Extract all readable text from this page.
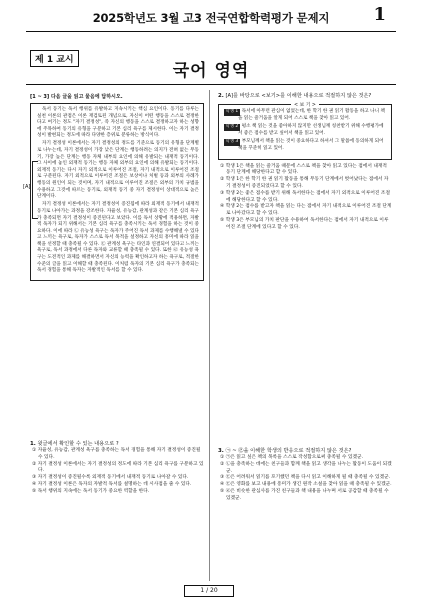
2025학년도 3월 고3 전국연합학력평가 문제지	1
제 1 교시
국어 영역
[1 ~ 3] 다음 글을 읽고 물음에 답하시오.

독서 동기는 독서 행위를 유발하고 지속시키는 핵심 요인이다. 동기를 다루는 실천 이론의 관점은 이론 재검토된 개념으로, 자신이 어떤 행동을 스스로 결정한다고 여기는 정도 "자기 결정성", 즉 자신의 행동을 스스로 결정하고자 하는 성향에 주목하여 동기의 유형을 구분하고 기본 심리 욕구를 제시한다. 이는 자기 결정성이 발현되는 정도에 따라 다양한 층위로 분류하는 방식이다.

자기 결정성 이론에서는 자기 결정성의 정도를 기준으로 동기의 유형을 단계별로 나누는데, 자기 결정성이 가장 낮은 단계는 행동하려는 의지가 전혀 없는 무동기, 가장 높은 단계는 행동 자체 내부의 요인에 의해 유발되는 내재적 동기이다. 그 사이에 놓인 외재적 동기는 행동 자체 외부의 요인에 의해 유발되는 동기이다. 외재적 동기는 다시 자기 외적으로 이루어진 조절, 자기 내적으로 이루어진 조절로 구분된다. 자기 외적으로 이루어진 조절은 보상이나 처벌 등과 외부의 사례가 행동의 원인이 되는 것이며, 자기 내적으로 이루어진 조절은 외부의 가치 규범을 수용하고 그것에 따르는 동기로, 외재적 동기 중 자기 결정성이 상대적으로 높은 단계이다.

자기 결정성 이론에서는 자기 결정성이 증진됨에 따라 외재적 동기에서 내재적 동기로 나아가는 과정을 강조한다. 자율성, 유능감, 관계성과 같은 기본 심리 욕구가 충족되면 자기 결정성이 증진된다고 보았다. 이를 독서 상황에 적용하면, 자발적 독자가 되기 위해서는 기본 심리 욕구를 충족시키는 독서 경험을 하는 것이 중요하다. 이에 따라 ㉡ 유능성 욕구는 독자가 주어진 독서 과제를 수행해낼 수 있다고 느끼는 욕구로, 독자가 스스로 독서 목적을 설정하고 자신의 흥미에 따라 읽을 책을 선정할 때 충족될 수 있다. ㉢ 관계성 욕구는 타인과 연결되어 있다고 느끼는 욕구로, 독서 과정에서 다른 독자와 교류할 때 충족될 수 있다. 또한 ㉣ 유능성 욕구는 도전적인 과제를 해결하면서 자신의 능력을 확인하고자 하는 욕구로, 적절한 수준의 글을 읽고 이해할 때 충족된다. 이처럼 독자의 기본 심리 욕구가 충족되는 독서 경험을 통해 독자는 자발적인 독서를 할 수 있다.

[A]
1. 윗글에서 확인할 수 있는 내용으로 ?

① 자율성, 유능감, 관계성 욕구를 충족하는 독서 경험을 통해 자기 결정성이 증진될 수 있다.

② 자기 결정성 이론에서는 자기 결정성의 정도에 따라 기본 심리 욕구를 구분하고 있다.

③ 자기 결정성이 증진될수록 외재적 동기에서 내재적 동기로 나아갈 수 있다.

④ 자기 결정성 이론은 독자의 자발적 독서를 설명하는 데 시사점을 줄 수 있다.

⑤ 독서 행위의 지속에는 독서 동기가 중요한 역할을 한다.

2. [A]를 바탕으로 <보기>를 이해한 내용으로 적절하지 않은 것은?
< 보 기 >

학생 1 독서에 아무런 관심이 없었는데, 한 학기 한 권 읽기 활동을 하고 나니 책을 읽는 즐거움을 알게 되어 스스로 책을 찾아 읽고 있어.

학생 2 평소 책 읽는 것을 좋아하지 않지만 선생님께 칭찬받기 위해 수행평가에서 좋은 점수를 받고 싶어서 책을 읽고 있어.

학생 3 부모님께서 책을 읽는 것이 중요하다고 하셔서 그 말씀에 동의하게 되어 책을 꾸준히 읽고 있어.

① 학생 1은 책을 읽는 즐거움 때문에 스스로 책을 찾아 읽고 있다는 점에서 내재적 동기 단계에 해당한다고 할 수 있다.

② 학생 1은 한 학기 한 권 읽기 활동을 통해 무동기 단계에서 벗어났다는 점에서 자기 결정성이 증진되었다고 할 수 있다.

③ 학생 2는 좋은 점수를 받기 위해 독서한다는 점에서 자기 외적으로 이루어진 조절에 해당한다고 할 수 있다.

④ 학생 2는 점수를 받고자 책을 읽는 다는 점에서 자기 내적으로 이루어진 조절 단계로 나아갔다고 할 수 있다.

⑤ 학생 3은 부모님의 가치 판단을 수용하여 독서한다는 점에서 자기 내적으로 이루어진 조절 단계에 있다고 할 수 있다.

3. ㉠ ~ ㉣을 이해한 학생의 반응으로 적절하지 않은 것은?

① ㉠은 읽고 싶은 책의 목록을 스스로 작성함으로써 충족될 수 있겠군.

② ㉡을 충족하는 데에는 친구들과 함께 책을 읽고 생각을 나누는 활동이 도움이 되겠군.

③ ㉢은 어려워서 읽기를 포기했던 책을 다시 읽고 이해하게 될 때 충족될 수 있겠군.

④ ㉢은 영화를 보고 내용에 흥미가 생긴 원작 소설을 찾아 읽을 때 충족될 수 있겠군.

⑤ ㉣은 비슷한 관심사를 가진 친구들과 책 내용을 나누며 서로 공감할 때 충족될 수 있겠군.

1 / 20
